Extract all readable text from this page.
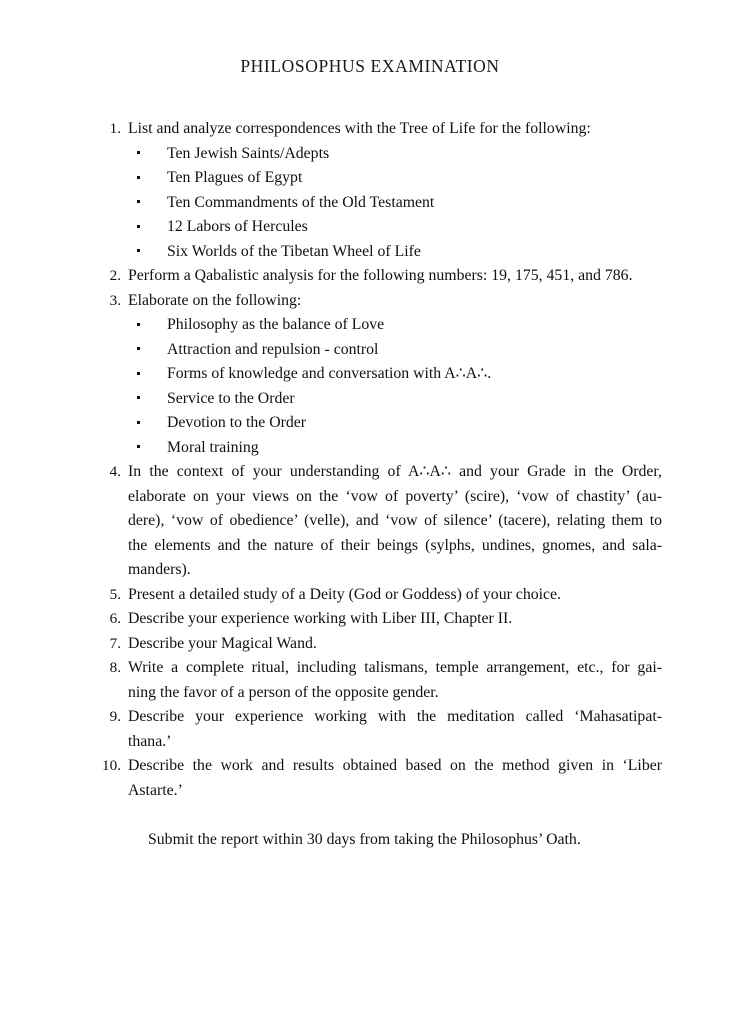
PHILOSOPHUS EXAMINATION
1. List and analyze correspondences with the Tree of Life for the following:
Ten Jewish Saints/Adepts
Ten Plagues of Egypt
Ten Commandments of the Old Testament
12 Labors of Hercules
Six Worlds of the Tibetan Wheel of Life
2. Perform a Qabalistic analysis for the following numbers: 19, 175, 451, and 786.
3. Elaborate on the following:
Philosophy as the balance of Love
Attraction and repulsion - control
Forms of knowledge and conversation with A∴A∴.
Service to the Order
Devotion to the Order
Moral training
4. In the context of your understanding of A∴A∴ and your Grade in the Order,
elaborate on your views on the ‘vow of poverty’ (scire), ‘vow of chastity’ (au-
dere), ‘vow of obedience’ (velle), and ‘vow of silence’ (tacere), relating them to
the elements and the nature of their beings (sylphs, undines, gnomes, and sala-
manders).
5. Present a detailed study of a Deity (God or Goddess) of your choice.
6. Describe your experience working with Liber III, Chapter II.
7. Describe your Magical Wand.
8. Write a complete ritual, including talismans, temple arrangement, etc., for gai-
ning the favor of a person of the opposite gender.
9. Describe your experience working with the meditation called ‘Mahasatipat-
thana.’
10. Describe the work and results obtained based on the method given in ‘Liber
Astarte.’
Submit the report within 30 days from taking the Philosophus’ Oath.
